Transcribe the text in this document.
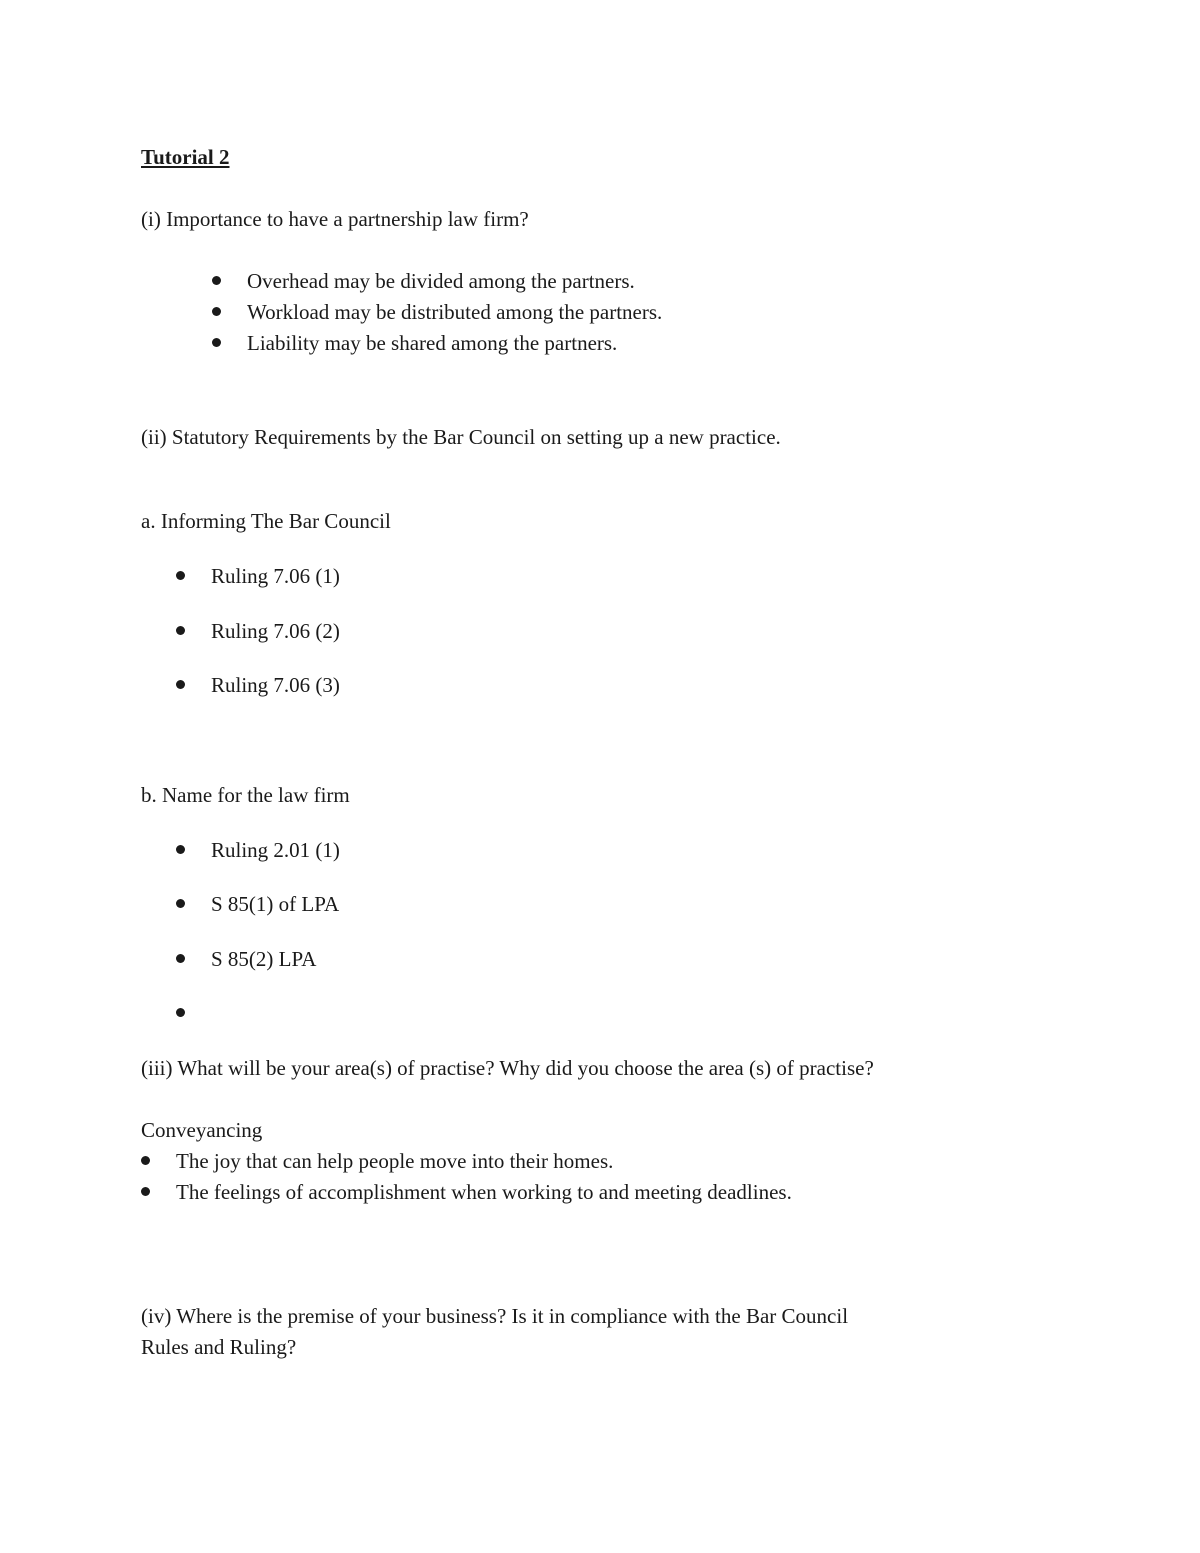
Tutorial 2
(i) Importance to have a partnership law firm?
Overhead may be divided among the partners.
Workload may be distributed among the partners.
Liability may be shared among the partners.
(ii) Statutory Requirements by the Bar Council on setting up a new practice.
a. Informing The Bar Council
Ruling 7.06 (1)
Ruling 7.06 (2)
Ruling 7.06 (3)
b. Name for the law firm
Ruling 2.01 (1)
S 85(1) of LPA
S 85(2) LPA
(iii) What will be your area(s) of practise? Why did you choose the area (s) of practise?
Conveyancing
The joy that can help people move into their homes.
The feelings of accomplishment when working to and meeting deadlines.
(iv) Where is the premise of your business? Is it in compliance with the Bar Council
Rules and Ruling?
